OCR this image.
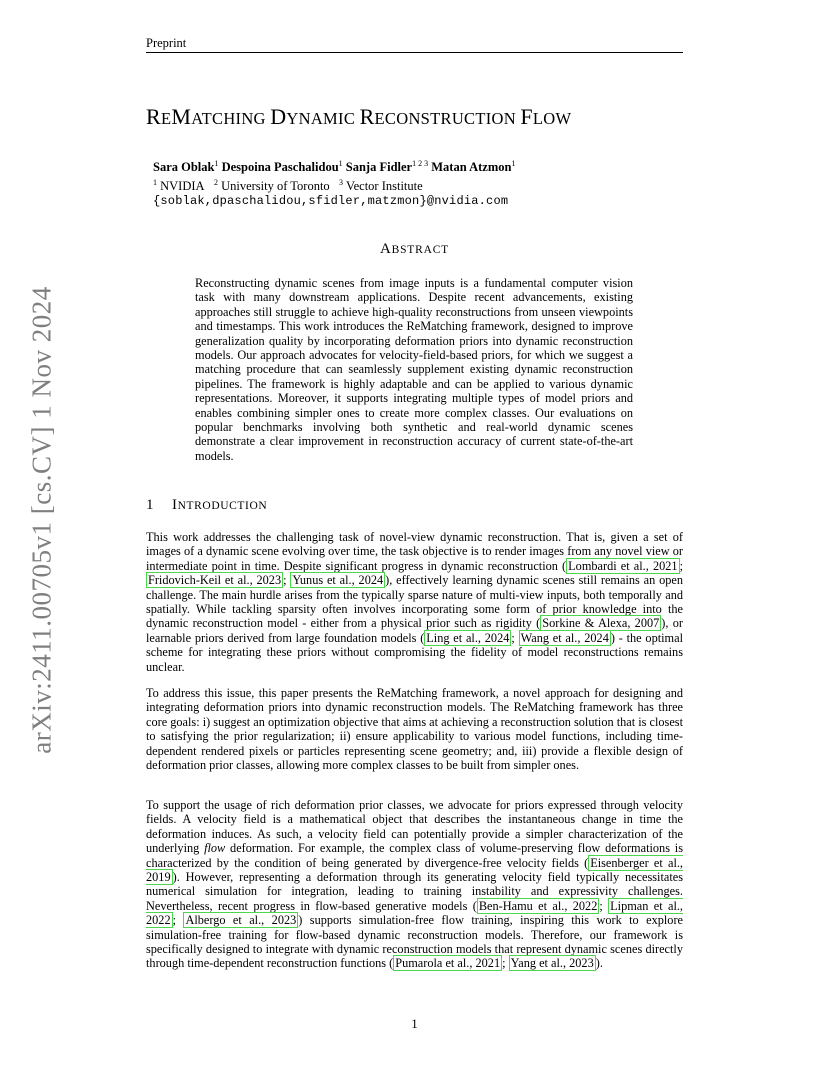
Preprint
REMATCHING DYNAMIC RECONSTRUCTION FLOW
Sara Oblak$^1$ Despoina Paschalidou$^1$ Sanja Fidler$^{1 2 3}$ Matan Atzmon$^1$
$^1$ NVIDIA $^2$ University of Toronto $^3$ Vector Institute
{soblak,dpaschalidou,sfidler,matzmon}@nvidia.com
ABSTRACT
Reconstructing dynamic scenes from image inputs is a fundamental computer vision task with many downstream applications. Despite recent advancements, existing approaches still struggle to achieve high-quality reconstructions from unseen viewpoints and timestamps. This work introduces the ReMatching framework, designed to improve generalization quality by incorporating deformation priors into dynamic reconstruction models. Our approach advocates for velocity-field-based priors, for which we suggest a matching procedure that can seamlessly supplement existing dynamic reconstruction pipelines. The framework is highly adaptable and can be applied to various dynamic representations. Moreover, it supports integrating multiple types of model priors and enables combining simpler ones to create more complex classes. Our evaluations on popular benchmarks involving both synthetic and real-world dynamic scenes demonstrate a clear improvement in reconstruction accuracy of current state-of-the-art models.
1 INTRODUCTION

This work addresses the challenging task of novel-view dynamic reconstruction. That is, given a set of images of a dynamic scene evolving over time, the task objective is to render images from any novel view or intermediate point in time. Despite significant progress in dynamic reconstruction ( Lombardi et al., 2021 ; Fridovich-Keil et al., 2023 ; Yunus et al., 2024 ), effectively learning dynamic scenes still remains an open challenge. The main hurdle arises from the typically sparse nature of multi-view inputs, both temporally and spatially. While tackling sparsity often involves incorporating some form of prior knowledge into the dynamic reconstruction model - either from a physical prior such as rigidity ( Sorkine & Alexa, 2007 ), or learnable priors derived from large foundation models ( Ling et al., 2024 ; Wang et al., 2024 ) - the optimal scheme for integrating these priors without compromising the fidelity of model reconstructions remains unclear.

To address this issue, this paper presents the ReMatching framework, a novel approach for designing and integrating deformation priors into dynamic reconstruction models. The ReMatching framework has three core goals: i) suggest an optimization objective that aims at achieving a reconstruction solution that is closest to satisfying the prior regularization; ii) ensure applicability to various model functions, including time-dependent rendered pixels or particles representing scene geometry; and, iii) provide a flexible design of deformation prior classes, allowing more complex classes to be built from simpler ones.

To support the usage of rich deformation prior classes, we advocate for priors expressed through velocity fields. A velocity field is a mathematical object that describes the instantaneous change in time the deformation induces. As such, a velocity field can potentially provide a simpler characterization of the underlying flow deformation. For example, the complex class of volume-preserving flow deformations is characterized by the condition of being generated by divergence-free velocity fields ( Eisenberger et al., 2019 ). However, representing a deformation through its generating velocity field typically necessitates numerical simulation for integration, leading to training instability and expressivity challenges. Nevertheless, recent progress in flow-based generative models ( Ben-Hamu et al., 2022 ; Lipman et al., 2022 ; Albergo et al., 2023 ) supports simulation-free flow training, inspiring this work to explore simulation-free training for flow-based dynamic reconstruction models. Therefore, our framework is specifically designed to integrate with dynamic reconstruction models that represent dynamic scenes directly through time-dependent reconstruction functions ( Pumarola et al., 2021 ; Yang et al., 2023 ).

1
arXiv:2411.00705v1 [cs.CV] 1 Nov 2024
